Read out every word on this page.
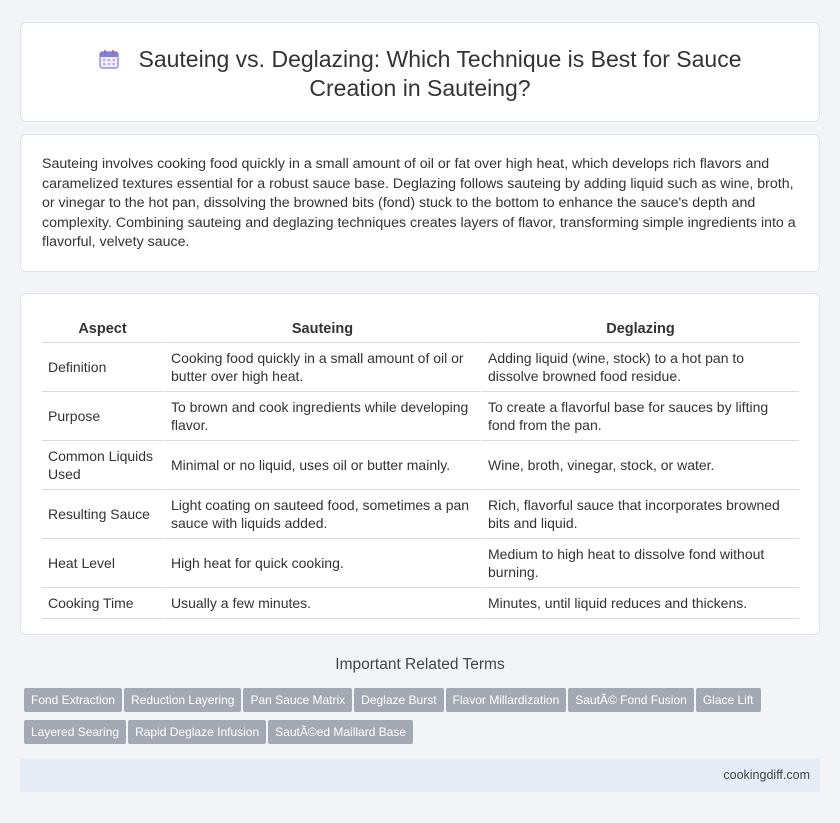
Sauteing vs. Deglazing: Which Technique is Best for Sauce
Creation in Sauteing?
Sauteing involves cooking food quickly in a small amount of oil or fat over high heat, which develops rich flavors and caramelized textures essential for a robust sauce base. Deglazing follows sauteing by adding liquid such as wine, broth, or vinegar to the hot pan, dissolving the browned bits (fond) stuck to the bottom to enhance the sauce's depth and complexity. Combining sauteing and deglazing techniques creates layers of flavor, transforming simple ingredients into a flavorful, velvety sauce.
Aspect	Sauteing	Deglazing
Definition	Cooking food quickly in a small amount of oil or butter over high heat.	Adding liquid (wine, stock) to a hot pan to dissolve browned food residue.
Purpose	To brown and cook ingredients while developing flavor.	To create a flavorful base for sauces by lifting fond from the pan.
Common Liquids Used	Minimal or no liquid, uses oil or butter mainly.	Wine, broth, vinegar, stock, or water.
Resulting Sauce	Light coating on sauteed food, sometimes a pan sauce with liquids added.	Rich, flavorful sauce that incorporates browned bits and liquid.
Heat Level	High heat for quick cooking.	Medium to high heat to dissolve fond without burning.
Cooking Time	Usually a few minutes.	Minutes, until liquid reduces and thickens.
Important Related Terms
Fond Extraction Reduction Layering Pan Sauce Matrix Deglaze Burst Flavor Millardization SautÃ© Fond Fusion Glace Lift
Layered Searing Rapid Deglaze Infusion SautÃ©ed Maillard Base
cookingdiff.com
